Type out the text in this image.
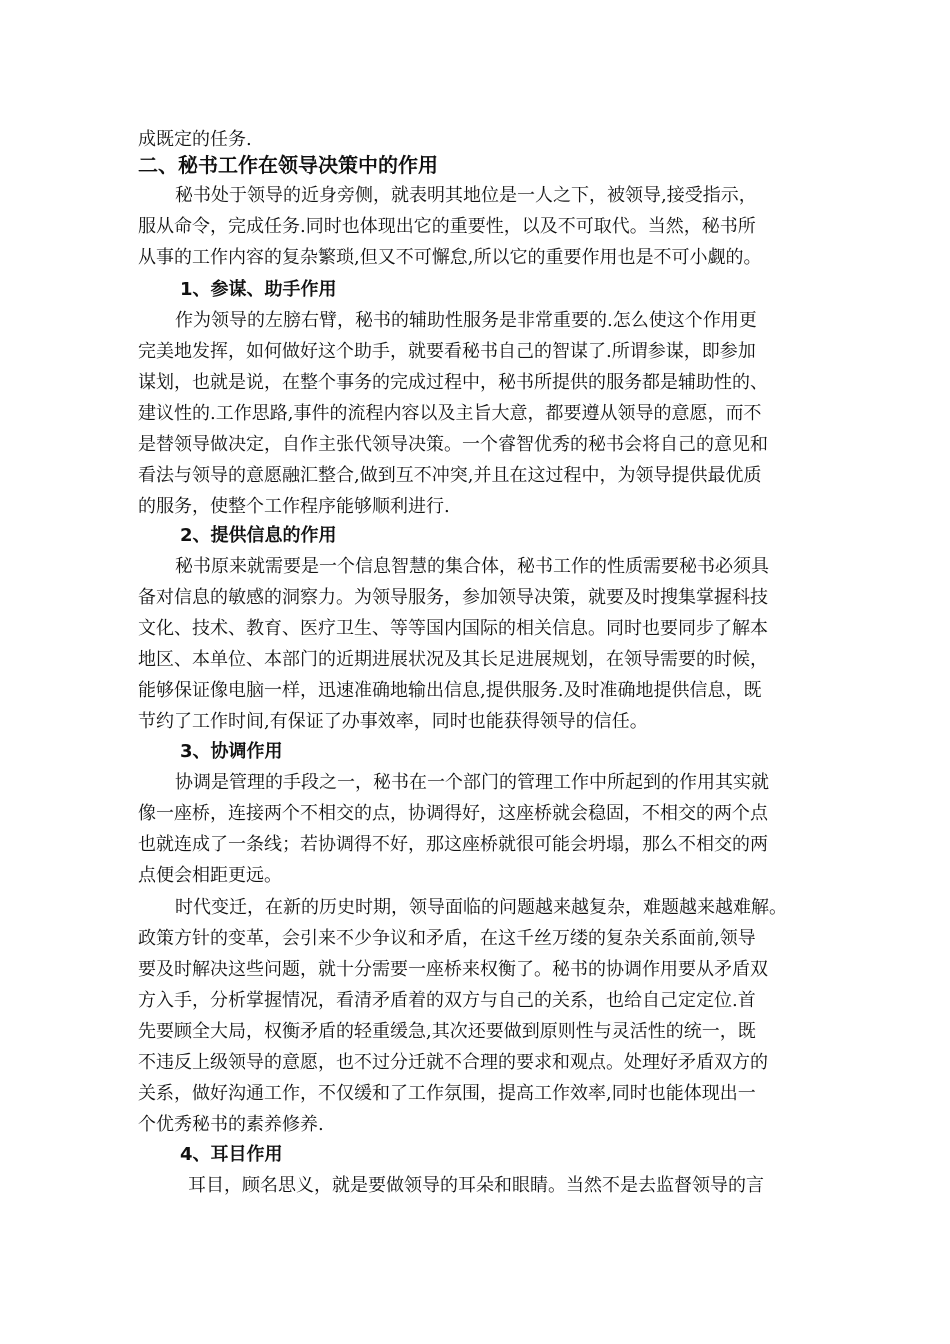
成既定的任务.
二、秘书工作在领导决策中的作用
秘书处于领导的近身旁侧，就表明其地位是一人之下，被领导,接受指示，
服从命令，完成任务.同时也体现出它的重要性，以及不可取代。当然，秘书所
从事的工作内容的复杂繁琐,但又不可懈怠,所以它的重要作用也是不可小觑的。
1、参谋、助手作用
作为领导的左膀右臂，秘书的辅助性服务是非常重要的.怎么使这个作用更
完美地发挥，如何做好这个助手，就要看秘书自己的智谋了.所谓参谋，即参加
谋划，也就是说，在整个事务的完成过程中，秘书所提供的服务都是辅助性的、
建议性的.工作思路,事件的流程内容以及主旨大意，都要遵从领导的意愿，而不
是替领导做决定，自作主张代领导决策。一个睿智优秀的秘书会将自己的意见和
看法与领导的意愿融汇整合,做到互不冲突,并且在这过程中，为领导提供最优质
的服务，使整个工作程序能够顺利进行.
2、提供信息的作用
秘书原来就需要是一个信息智慧的集合体，秘书工作的性质需要秘书必须具
备对信息的敏感的洞察力。为领导服务，参加领导决策，就要及时搜集掌握科技
文化、技术、教育、医疗卫生、等等国内国际的相关信息。同时也要同步了解本
地区、本单位、本部门的近期进展状况及其长足进展规划，在领导需要的时候，
能够保证像电脑一样，迅速准确地输出信息,提供服务.及时准确地提供信息，既
节约了工作时间,有保证了办事效率，同时也能获得领导的信任。
3、协调作用
协调是管理的手段之一，秘书在一个部门的管理工作中所起到的作用其实就
像一座桥，连接两个不相交的点，协调得好，这座桥就会稳固，不相交的两个点
也就连成了一条线；若协调得不好，那这座桥就很可能会坍塌，那么不相交的两
点便会相距更远。
时代变迁，在新的历史时期，领导面临的问题越来越复杂，难题越来越难解。
政策方针的变革，会引来不少争议和矛盾，在这千丝万缕的复杂关系面前,领导
要及时解决这些问题，就十分需要一座桥来权衡了。秘书的协调作用要从矛盾双
方入手，分析掌握情况，看清矛盾着的双方与自己的关系，也给自己定定位.首
先要顾全大局，权衡矛盾的轻重缓急,其次还要做到原则性与灵活性的统一，既
不违反上级领导的意愿，也不过分迁就不合理的要求和观点。处理好矛盾双方的
关系，做好沟通工作，不仅缓和了工作氛围，提高工作效率,同时也能体现出一
个优秀秘书的素养修养.
4、耳目作用
耳目，顾名思义，就是要做领导的耳朵和眼睛。当然不是去监督领导的言
